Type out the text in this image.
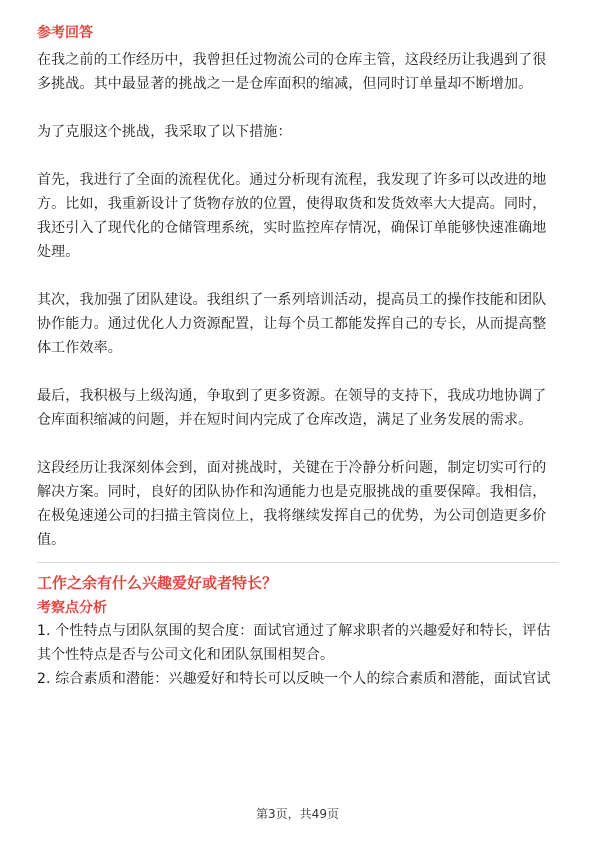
参考回答

在我之前的工作经历中，我曾担任过物流公司的仓库主管，这段经历让我遇到了很多挑战。其中最显著的挑战之一是仓库面积的缩减，但同时订单量却不断增加。

为了克服这个挑战，我采取了以下措施：

首先，我进行了全面的流程优化。通过分析现有流程，我发现了许多可以改进的地方。比如，我重新设计了货物存放的位置，使得取货和发货效率大大提高。同时，我还引入了现代化的仓储管理系统，实时监控库存情况，确保订单能够快速准确地处理。

其次，我加强了团队建设。我组织了一系列培训活动，提高员工的操作技能和团队协作能力。通过优化人力资源配置，让每个员工都能发挥自己的专长，从而提高整体工作效率。

最后，我积极与上级沟通，争取到了更多资源。在领导的支持下，我成功地协调了仓库面积缩减的问题，并在短时间内完成了仓库改造，满足了业务发展的需求。

这段经历让我深刻体会到，面对挑战时，关键在于冷静分析问题，制定切实可行的解决方案。同时，良好的团队协作和沟通能力也是克服挑战的重要保障。我相信，在极兔速递公司的扫描主管岗位上，我将继续发挥自己的优势，为公司创造更多价值。

工作之余有什么兴趣爱好或者特长？
考察点分析

1. 个性特点与团队氛围的契合度：面试官通过了解求职者的兴趣爱好和特长，评估其个性特点是否与公司文化和团队氛围相契合。

2. 综合素质和潜能：兴趣爱好和特长可以反映一个人的综合素质和潜能，面试官试

第3页，共49页
